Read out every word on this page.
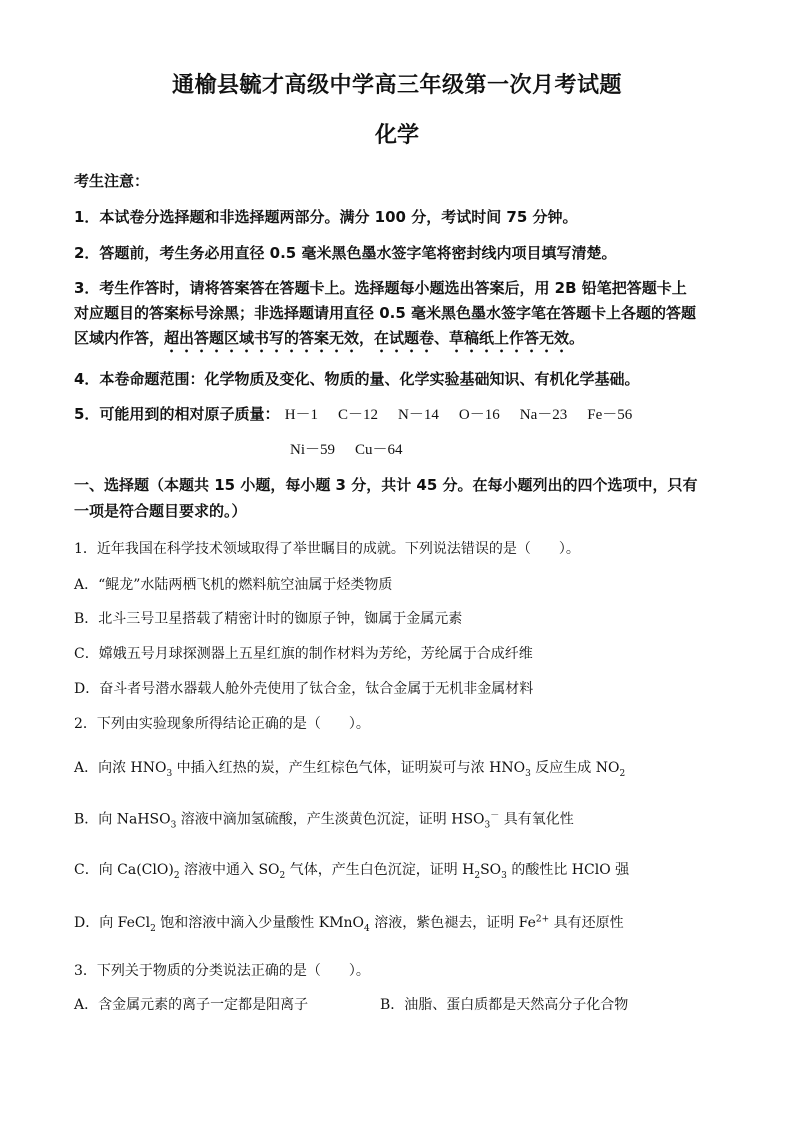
通榆县毓才高级中学高三年级第一次月考试题
化学
考生注意：
1．本试卷分选择题和非选择题两部分。满分 100 分，考试时间 75 分钟。
2．答题前，考生务必用直径 0.5 毫米黑色墨水签字笔将密封线内项目填写清楚。
3．考生作答时，请将答案答在答题卡上。选择题每小题选出答案后，用 2B 铅笔把答题卡上
对应题目的答案标号涂黑；非选择题请用直径 0.5 毫米黑色墨水签字笔在答题卡上各题的答题
区域内作答，超出答题区域书写的答案无效，在试题卷、草稿纸上作答无效。
4．本卷命题范围：化学物质及变化、物质的量、化学实验基础知识、有机化学基础。
5．可能用到的相对原子质量： H－1 C－12 N－14 O－16 Na－23 Fe－56
Ni－59 Cu－64
一、选择题（本题共 15 小题，每小题 3 分，共计 45 分。在每小题列出的四个选项中，只有
一项是符合题目要求的。）
1．近年我国在科学技术领域取得了举世瞩目的成就。下列说法错误的是（　　）。
A．“鲲龙”水陆两栖飞机的燃料航空油属于烃类物质
B．北斗三号卫星搭载了精密计时的铷原子钟，铷属于金属元素
C．嫦娥五号月球探测器上五星红旗的制作材料为芳纶，芳纶属于合成纤维
D．奋斗者号潜水器载人舱外壳使用了钛合金，钛合金属于无机非金属材料
2．下列由实验现象所得结论正确的是（　　）。
A．向浓 $HNO_3$ 中插入红热的炭，产生红棕色气体，证明炭可与浓 $HNO_3$ 反应生成 $NO_2$
B．向 NaHSO$_3$ 溶液中滴加氢硫酸，产生淡黄色沉淀，证明 $HSO_3^-$ 具有氧化性
C．向 $Ca(ClO)_2$ 溶液中通入 $SO_2$ 气体，产生白色沉淀，证明 $H_2SO_3$ 的酸性比 HClO 强
D．向 FeCl$_2$ 饱和溶液中滴入少量酸性 KMnO$_4$ 溶液，紫色褪去，证明 $Fe^{2+}$ 具有还原性
3．下列关于物质的分类说法正确的是（　　）。
A．含金属元素的离子一定都是阳离子	B．油脂、蛋白质都是天然高分子化合物
